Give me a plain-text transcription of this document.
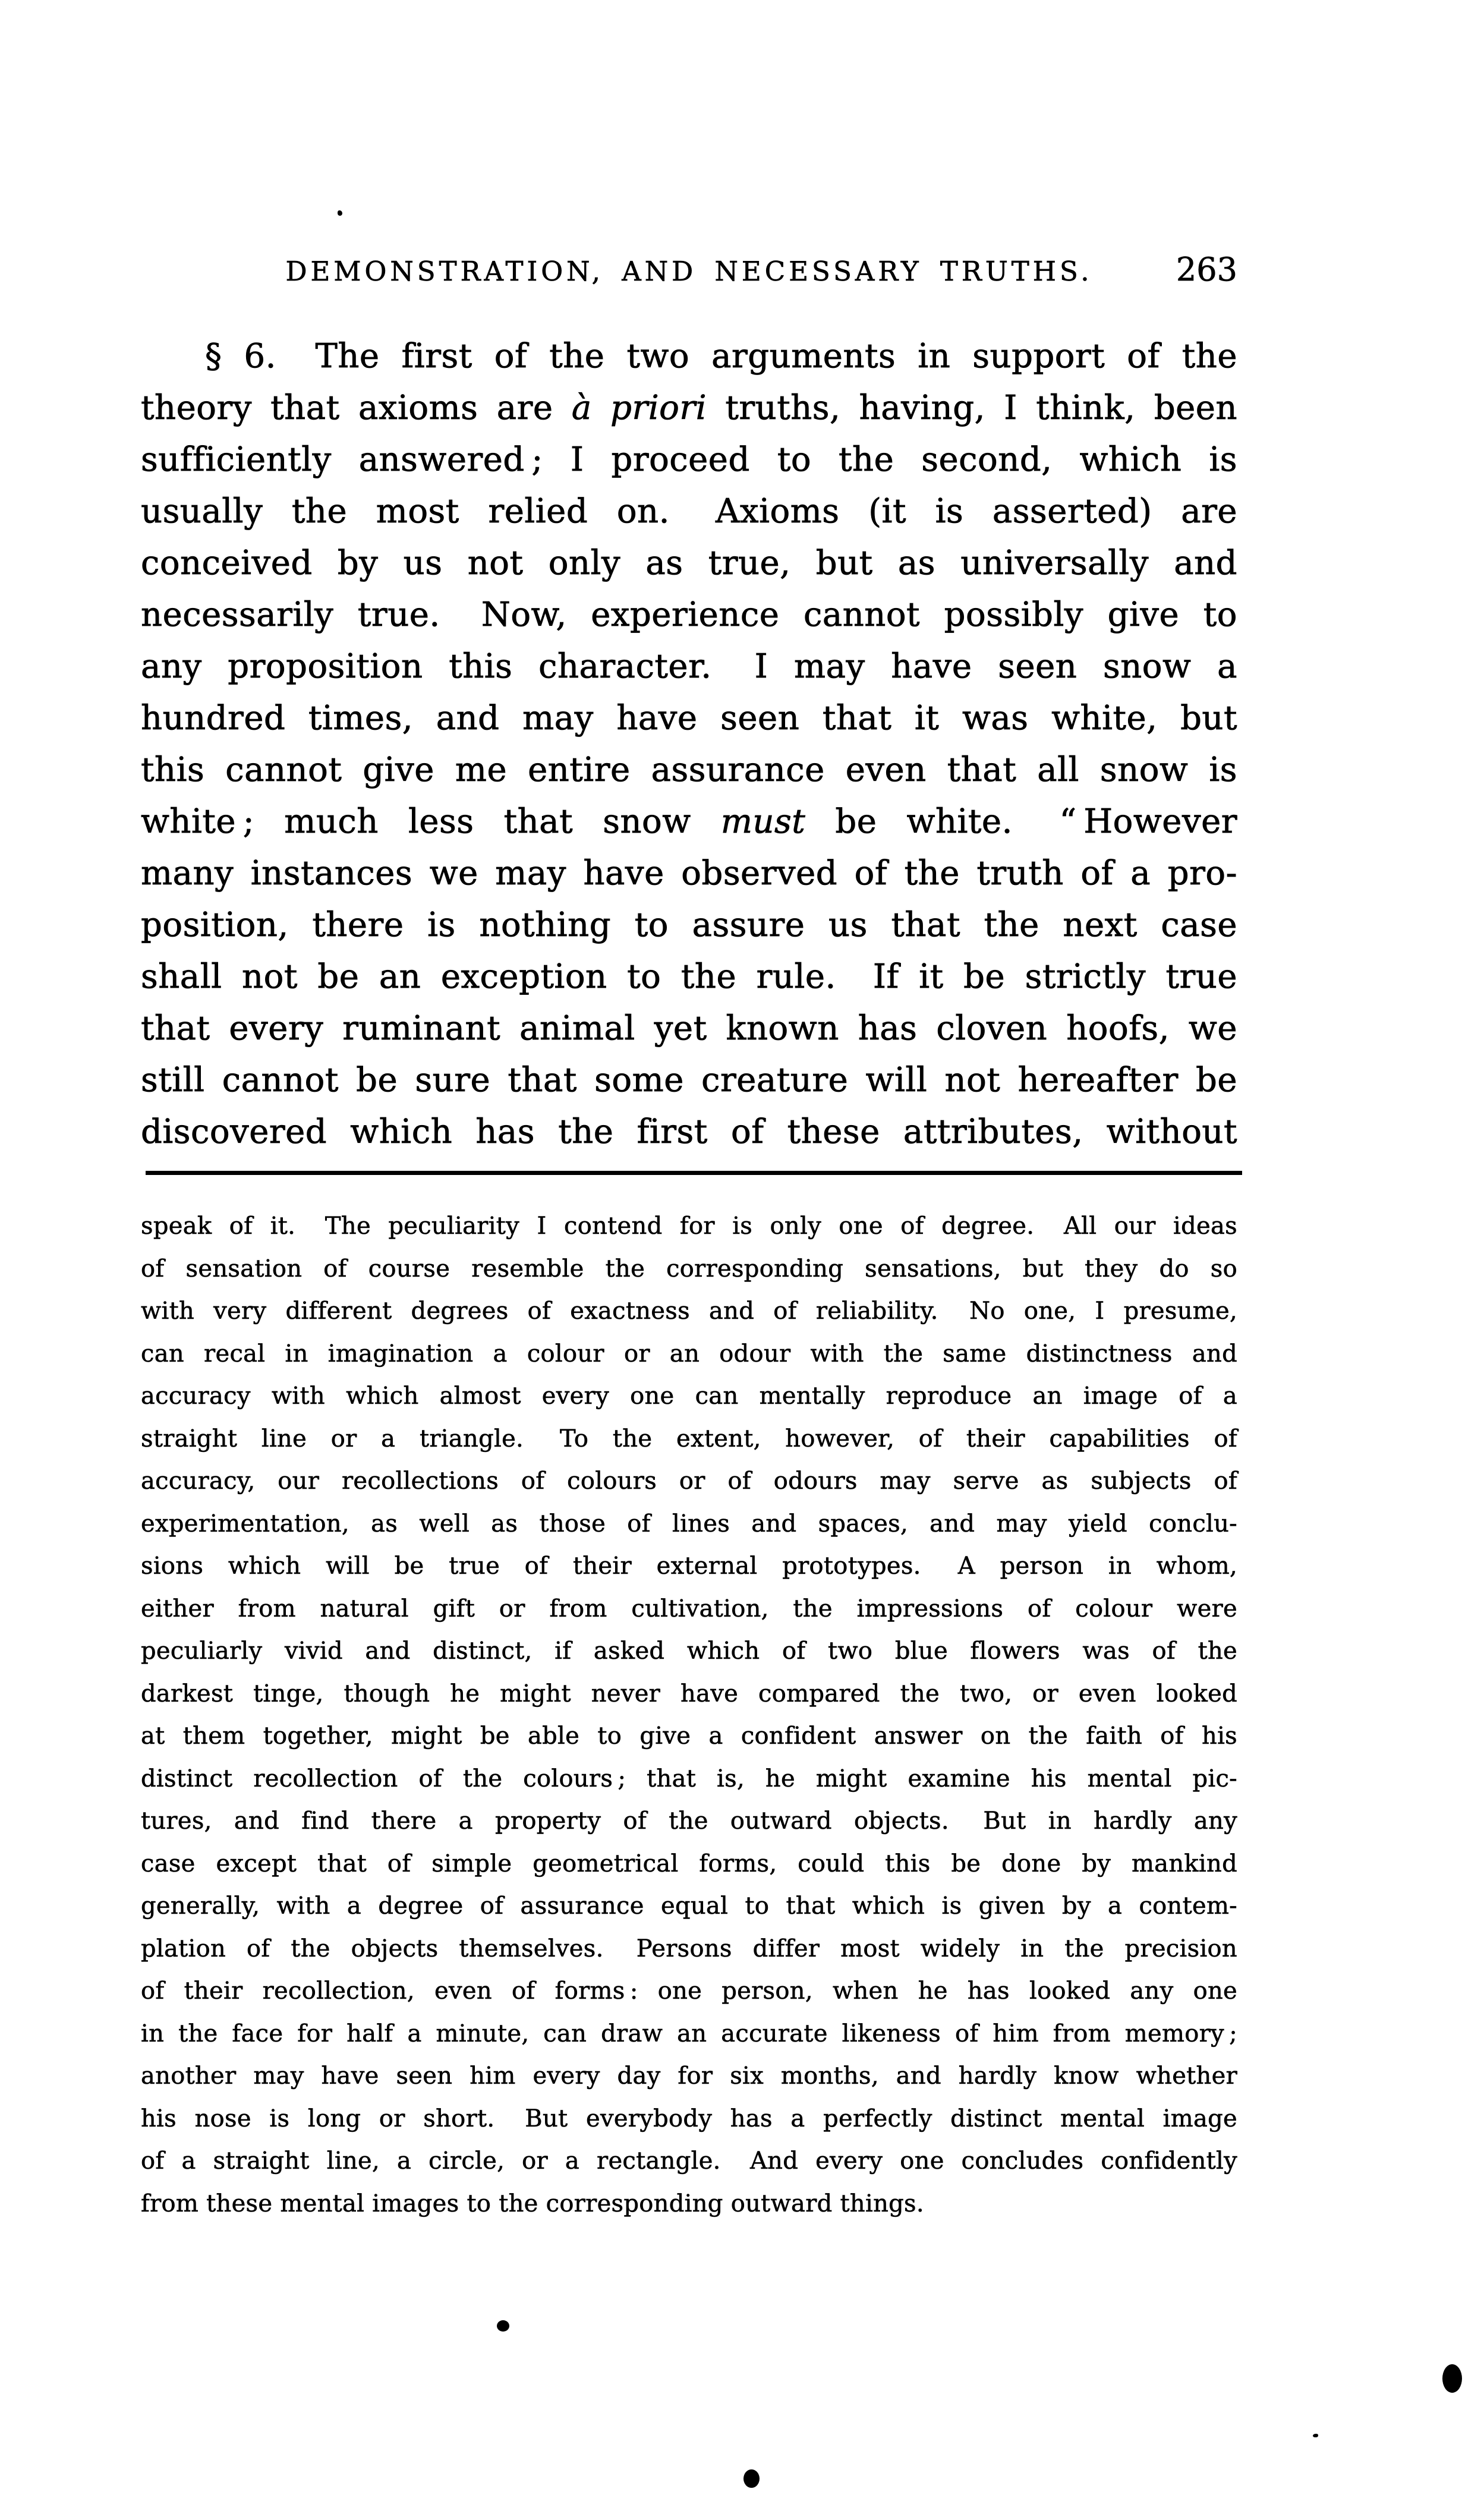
DEMONSTRATION, AND NECESSARY TRUTHS.	263
§ 6.  The first of the two arguments in support of the
theory that axioms are à priori truths, having, I think, been
sufficiently answered ; I proceed to the second, which is
usually the most relied on.  Axioms (it is asserted) are
conceived by us not only as true, but as universally and
necessarily true.  Now, experience cannot possibly give to
any proposition this character.  I may have seen snow a
hundred times, and may have seen that it was white, but
this cannot give me entire assurance even that all snow is
white ; much less that snow must be white.  “ However
many instances we may have observed of the truth of a pro-
position, there is nothing to assure us that the next case
shall not be an exception to the rule.  If it be strictly true
that every ruminant animal yet known has cloven hoofs, we
still cannot be sure that some creature will not hereafter be
discovered which has the first of these attributes, without
speak of it.  The peculiarity I contend for is only one of degree.  All our ideas
of sensation of course resemble the corresponding sensations, but they do so
with very different degrees of exactness and of reliability.  No one, I presume,
can recal in imagination a colour or an odour with the same distinctness and
accuracy with which almost every one can mentally reproduce an image of a
straight line or a triangle.  To the extent, however, of their capabilities of
accuracy, our recollections of colours or of odours may serve as subjects of
experimentation, as well as those of lines and spaces, and may yield conclu-
sions which will be true of their external prototypes.  A person in whom,
either from natural gift or from cultivation, the impressions of colour were
peculiarly vivid and distinct, if asked which of two blue flowers was of the
darkest tinge, though he might never have compared the two, or even looked
at them together, might be able to give a confident answer on the faith of his
distinct recollection of the colours ; that is, he might examine his mental pic-
tures, and find there a property of the outward objects.  But in hardly any
case except that of simple geometrical forms, could this be done by mankind
generally, with a degree of assurance equal to that which is given by a contem-
plation of the objects themselves.  Persons differ most widely in the precision
of their recollection, even of forms : one person, when he has looked any one
in the face for half a minute, can draw an accurate likeness of him from memory ;
another may have seen him every day for six months, and hardly know whether
his nose is long or short.  But everybody has a perfectly distinct mental image
of a straight line, a circle, or a rectangle.  And every one concludes confidently
from these mental images to the corresponding outward things.
